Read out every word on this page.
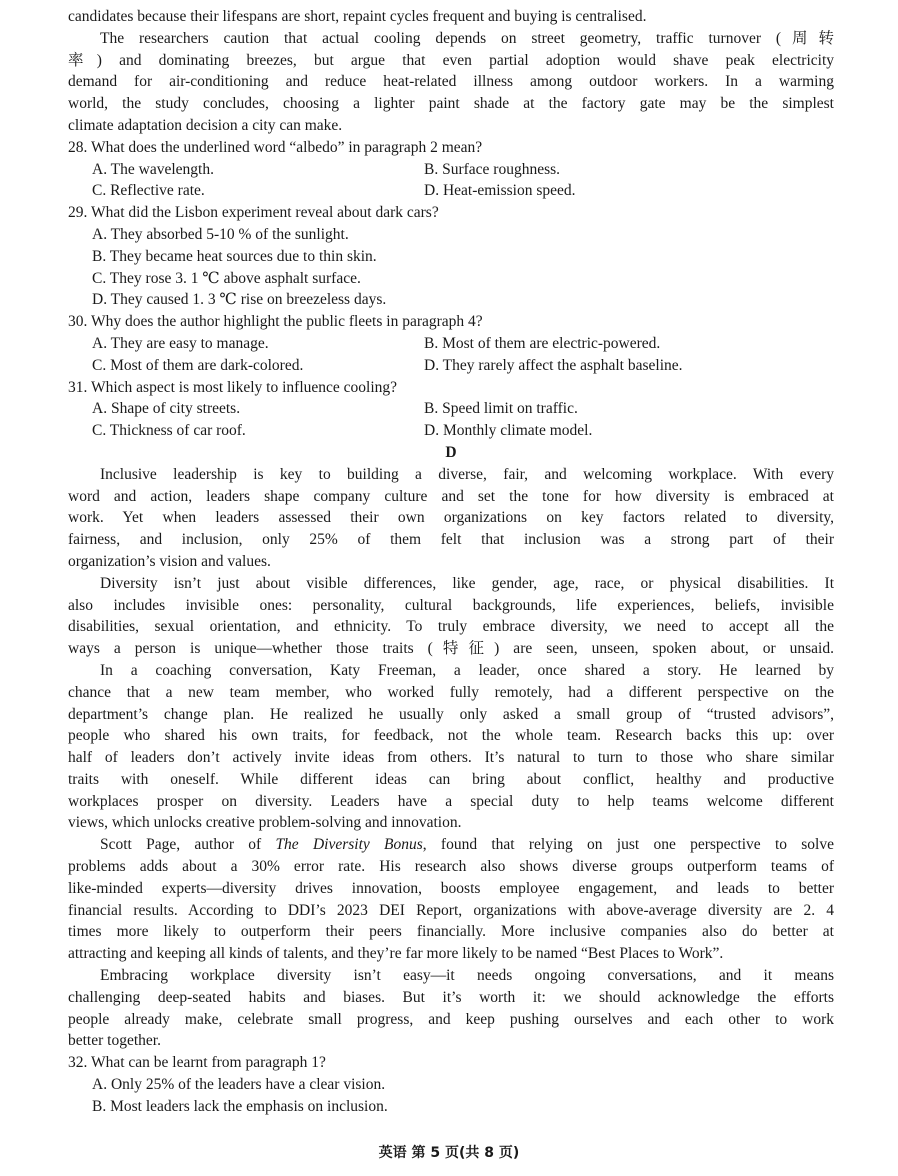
candidates because their lifespans are short, repaint cycles frequent and buying is centralised.
The researchers caution that actual cooling depends on street geometry, traffic turnover (周转
率) and dominating breezes, but argue that even partial adoption would shave peak electricity
demand for air-conditioning and reduce heat-related illness among outdoor workers. In a warming
world, the study concludes, choosing a lighter paint shade at the factory gate may be the simplest
climate adaptation decision a city can make.
28. What does the underlined word “albedo” in paragraph 2 mean?
A. The wavelength.	B. Surface roughness.
C. Reflective rate.	D. Heat-emission speed.
29. What did the Lisbon experiment reveal about dark cars?
A. They absorbed 5-10 % of the sunlight.
B. They became heat sources due to thin skin.
C. They rose 3. 1 ℃ above asphalt surface.
D. They caused 1. 3 ℃ rise on breezeless days.
30. Why does the author highlight the public fleets in paragraph 4?
A. They are easy to manage.	B. Most of them are electric-powered.
C. Most of them are dark-colored.	D. They rarely affect the asphalt baseline.
31. Which aspect is most likely to influence cooling?
A. Shape of city streets.	B. Speed limit on traffic.
C. Thickness of car roof.	D. Monthly climate model.
D
Inclusive leadership is key to building a diverse, fair, and welcoming workplace. With every
word and action, leaders shape company culture and set the tone for how diversity is embraced at
work. Yet when leaders assessed their own organizations on key factors related to diversity,
fairness, and inclusion, only 25% of them felt that inclusion was a strong part of their
organization’s vision and values.
Diversity isn’t just about visible differences, like gender, age, race, or physical disabilities. It
also includes invisible ones: personality, cultural backgrounds, life experiences, beliefs, invisible
disabilities, sexual orientation, and ethnicity. To truly embrace diversity, we need to accept all the
ways a person is unique—whether those traits (特征) are seen, unseen, spoken about, or unsaid.
In a coaching conversation, Katy Freeman, a leader, once shared a story. He learned by
chance that a new team member, who worked fully remotely, had a different perspective on the
department’s change plan. He realized he usually only asked a small group of “trusted advisors”,
people who shared his own traits, for feedback, not the whole team. Research backs this up: over
half of leaders don’t actively invite ideas from others. It’s natural to turn to those who share similar
traits with oneself. While different ideas can bring about conflict, healthy and productive
workplaces prosper on diversity. Leaders have a special duty to help teams welcome different
views, which unlocks creative problem-solving and innovation.
Scott Page, author of The Diversity Bonus, found that relying on just one perspective to solve
problems adds about a 30% error rate. His research also shows diverse groups outperform teams of
like-minded experts—diversity drives innovation, boosts employee engagement, and leads to better
financial results. According to DDI’s 2023 DEI Report, organizations with above-average diversity are 2. 4
times more likely to outperform their peers financially. More inclusive companies also do better at
attracting and keeping all kinds of talents, and they’re far more likely to be named “Best Places to Work”.
Embracing workplace diversity isn’t easy—it needs ongoing conversations, and it means
challenging deep-seated habits and biases. But it’s worth it: we should acknowledge the efforts
people already make, celebrate small progress, and keep pushing ourselves and each other to work
better together.
32. What can be learnt from paragraph 1?
A. Only 25% of the leaders have a clear vision.
B. Most leaders lack the emphasis on inclusion.
英语 第 5 页(共 8 页)
